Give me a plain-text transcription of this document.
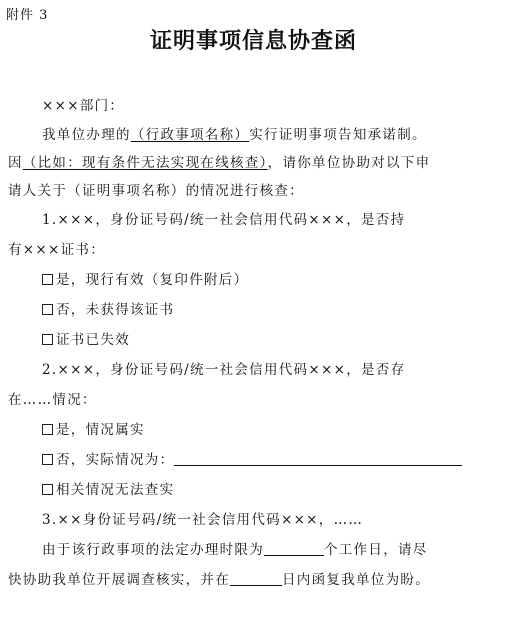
附件 3
证明事项信息协查函
×××部门：
我单位办理的（行政事项名称）实行证明事项告知承诺制。
因（比如：现有条件无法实现在线核查），请你单位协助对以下申
请人关于（证明事项名称）的情况进行核查：
1.×××，身份证号码/统一社会信用代码×××，是否持
有×××证书：
是，现行有效（复印件附后）
否，未获得该证书
证书已失效
2.×××，身份证号码/统一社会信用代码×××，是否存
在……情况：
是，情况属实
否，实际情况为：
相关情况无法查实
3.××身份证号码/统一社会信用代码×××，……
由于该行政事项的法定办理时限为	个工作日，请尽
快协助我单位开展调查核实，并在	日内函复我单位为盼。
